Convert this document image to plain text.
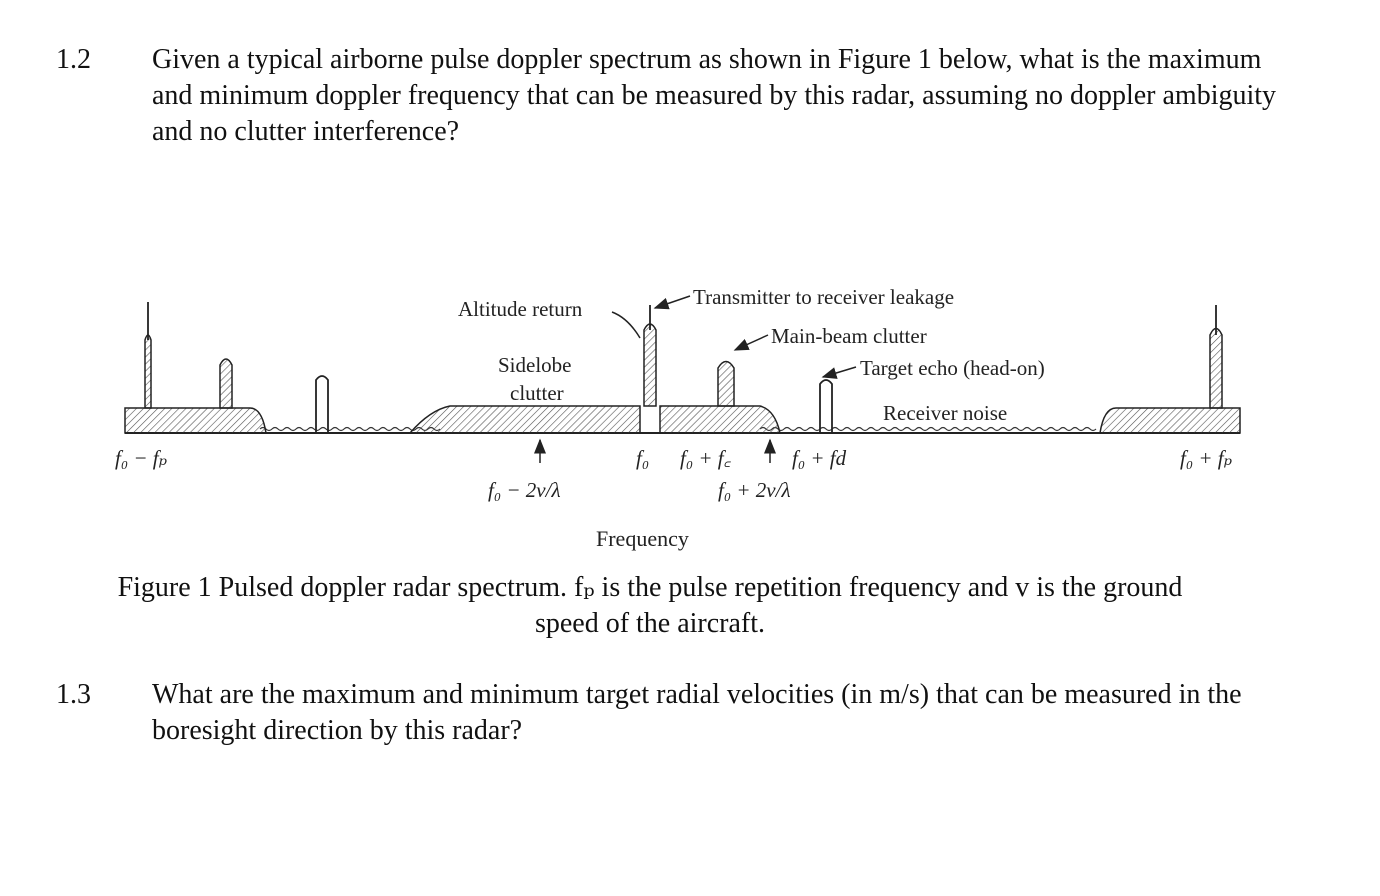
1.2 Given a typical airborne pulse doppler spectrum as shown in Figure 1 below, what is the maximum and minimum doppler frequency that can be measured by this radar, assuming no doppler ambiguity and no clutter interference?
Altitude return	Transmitter to receiver leakage
Main-beam clutter
Sidelobe
clutter
Target echo (head-on)
Receiver noise
f₀ − fₚ
f₀ − 2v/λ
f₀ f₀ + f꜀	f₀ + fd
f₀ + 2v/λ
f₀ + fₚ
Frequency
Figure 1 Pulsed doppler radar spectrum. fₚ is the pulse repetition frequency and v is the ground speed of the aircraft.
1.3 What are the maximum and minimum target radial velocities (in m/s) that can be measured in the boresight direction by this radar?
